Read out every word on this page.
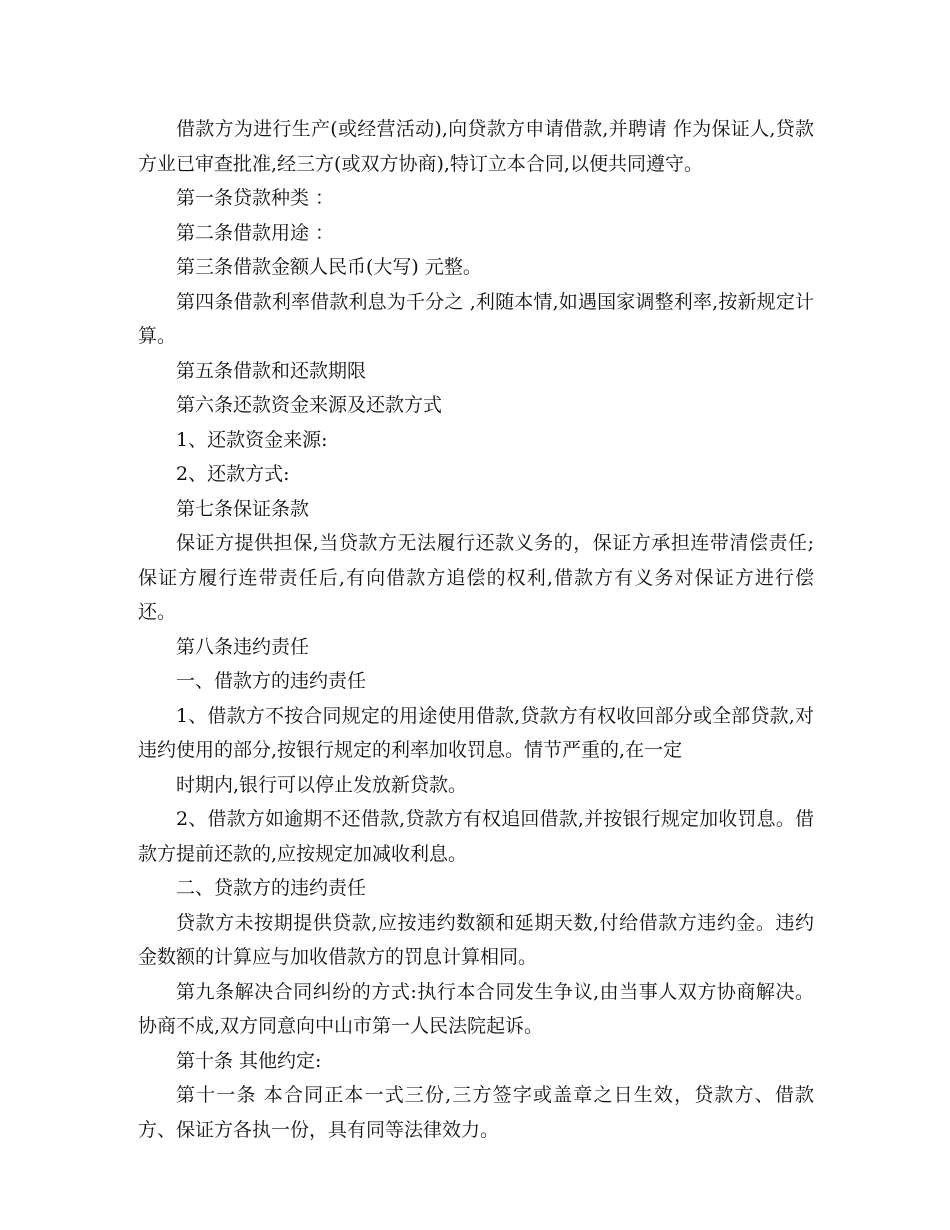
借款方为进行生产(或经营活动),向贷款方申请借款,并聘请 作为保证人,贷款方业已审查批准,经三方(或双方协商),特订立本合同,以便共同遵守。

第一条贷款种类 ：

第二条借款用途 ：

第三条借款金额人民币(大写) 元整。

第四条借款利率借款利息为千分之 ,利随本情,如遇国家调整利率,按新规定计算。

第五条借款和还款期限

第六条还款资金来源及还款方式

1、还款资金来源:

2、还款方式:

第七条保证条款

保证方提供担保,当贷款方无法履行还款义务的，保证方承担连带清偿责任;保证方履行连带责任后,有向借款方追偿的权利,借款方有义务对保证方进行偿还。

第八条违约责任

一、借款方的违约责任

1、借款方不按合同规定的用途使用借款,贷款方有权收回部分或全部贷款,对违约使用的部分,按银行规定的利率加收罚息。情节严重的,在一定

时期内,银行可以停止发放新贷款。

2、借款方如逾期不还借款,贷款方有权追回借款,并按银行规定加收罚息。借款方提前还款的,应按规定加减收利息。

二、贷款方的违约责任

贷款方未按期提供贷款,应按违约数额和延期天数,付给借款方违约金。违约金数额的计算应与加收借款方的罚息计算相同。

第九条解决合同纠纷的方式:执行本合同发生争议,由当事人双方协商解决。协商不成,双方同意向中山市第一人民法院起诉。

第十条 其他约定:

第十一条 本合同正本一式三份,三方签字或盖章之日生效，贷款方、借款方、保证方各执一份，具有同等法律效力。
